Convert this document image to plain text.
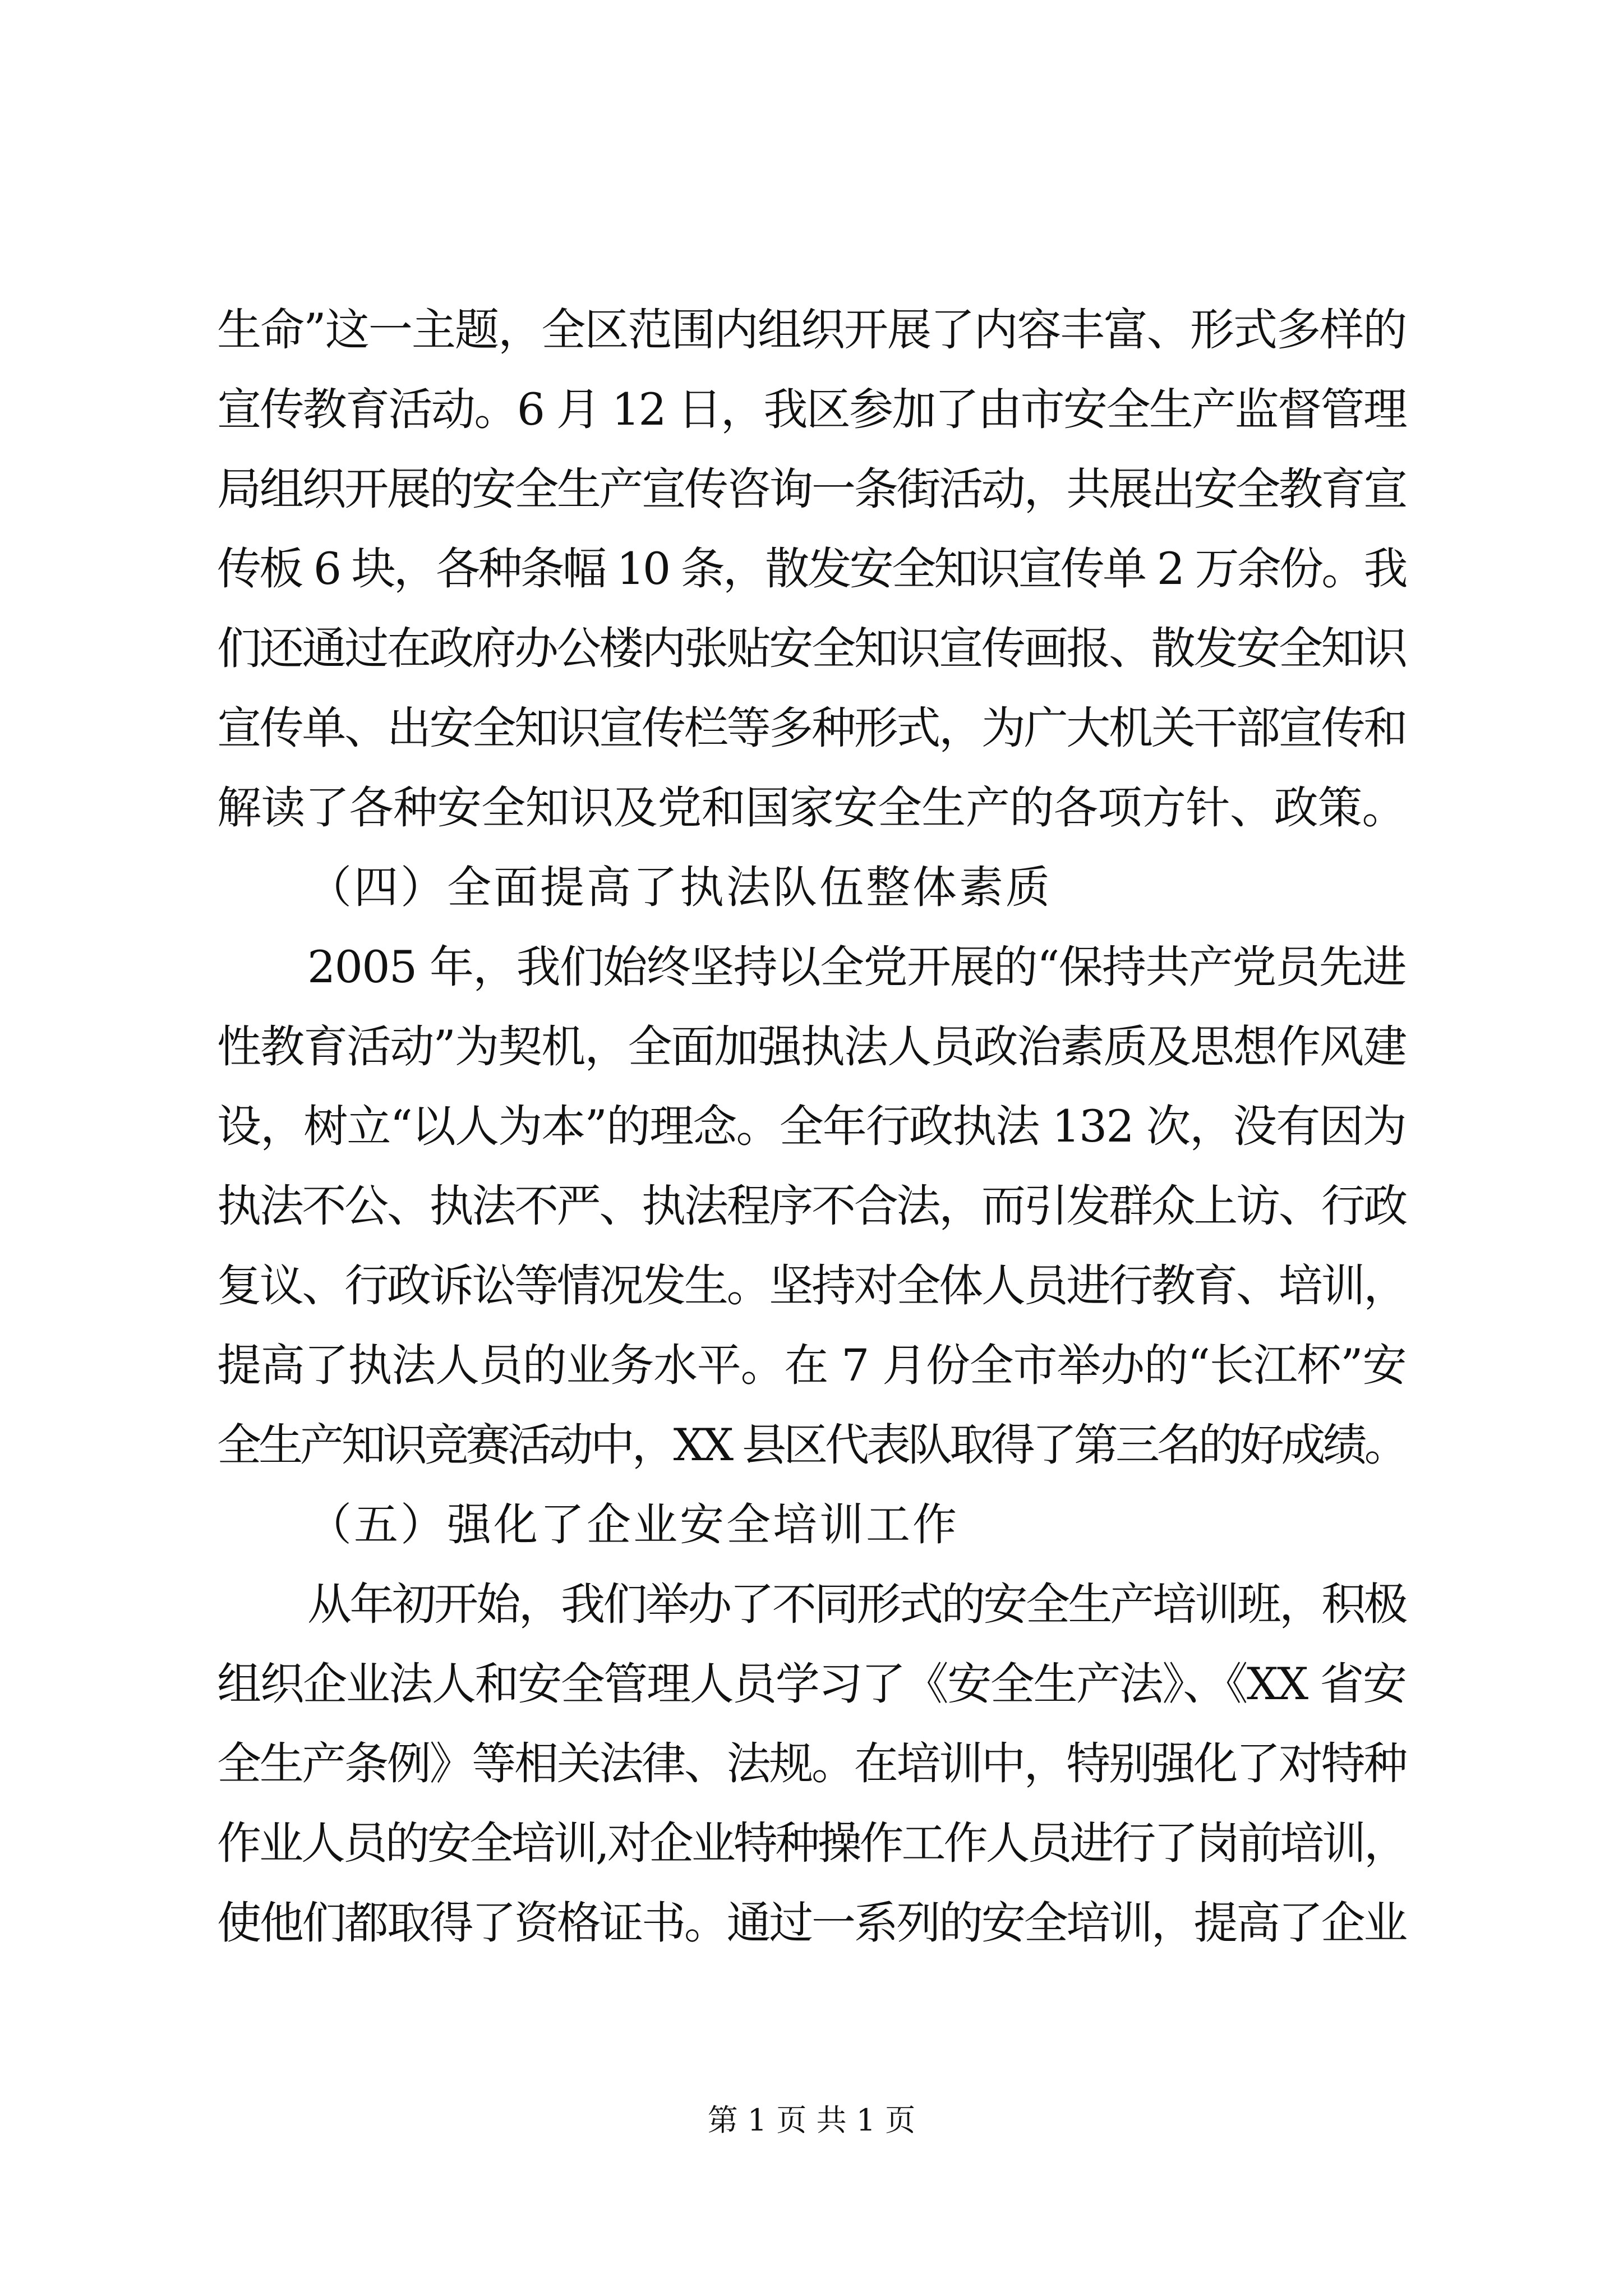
生命”这一主题，全区范围内组织开展了内容丰富、形式多样的
宣传教育活动。6 月 12 日，我区参加了由市安全生产监督管理
局组织开展的安全生产宣传咨询一条街活动，共展出安全教育宣
传板 6 块，各种条幅 10 条，散发安全知识宣传单 2 万余份。我
们还通过在政府办公楼内张贴安全知识宣传画报、散发安全知识
宣传单、出安全知识宣传栏等多种形式，为广大机关干部宣传和
解读了各种安全知识及党和国家安全生产的各项方针、政策。
（四）全面提高了执法队伍整体素质
2005 年，我们始终坚持以全党开展的“保持共产党员先进
性教育活动”为契机，全面加强执法人员政治素质及思想作风建
设，树立“以人为本”的理念。全年行政执法 132 次，没有因为
执法不公、执法不严、执法程序不合法，而引发群众上访、行政
复议、行政诉讼等情况发生。坚持对全体人员进行教育、培训，
提高了执法人员的业务水平。在 7 月份全市举办的“长江杯”安
全生产知识竞赛活动中，XX 县区代表队取得了第三名的好成绩。
（五）强化了企业安全培训工作
从年初开始，我们举办了不同形式的安全生产培训班，积极
组织企业法人和安全管理人员学习了《安全生产法》、《XX 省安
全生产条例》等相关法律、法规。在培训中，特别强化了对特种
作业人员的安全培训,对企业特种操作工作人员进行了岗前培训，
使他们都取得了资格证书。通过一系列的安全培训，提高了企业
第 1 页 共 1 页
